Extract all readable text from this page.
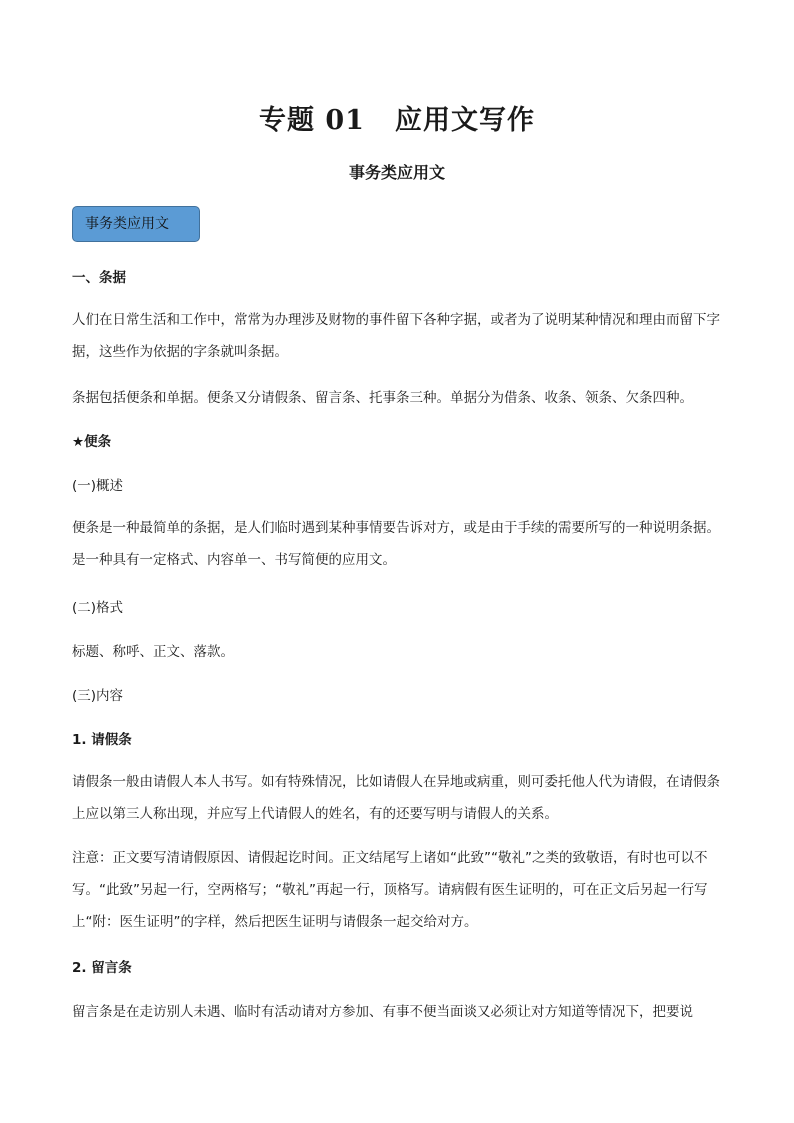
专题 01 应用文写作
事务类应用文
事务类应用文

一、条据

人们在日常生活和工作中，常常为办理涉及财物的事件留下各种字据，或者为了说明某种情况和理由而留下字据，这些作为依据的字条就叫条据。

条据包括便条和单据。便条又分请假条、留言条、托事条三种。单据分为借条、收条、领条、欠条四种。

★便条

(一)概述

便条是一种最简单的条据，是人们临时遇到某种事情要告诉对方，或是由于手续的需要所写的一种说明条据。是一种具有一定格式、内容单一、书写简便的应用文。

(二)格式

标题、称呼、正文、落款。

(三)内容

1. 请假条

请假条一般由请假人本人书写。如有特殊情况，比如请假人在异地或病重，则可委托他人代为请假，在请假条上应以第三人称出现，并应写上代请假人的姓名，有的还要写明与请假人的关系。

注意：正文要写清请假原因、请假起讫时间。正文结尾写上诸如“此致”“敬礼”之类的致敬语，有时也可以不写。“此致”另起一行，空两格写；“敬礼”再起一行，顶格写。请病假有医生证明的，可在正文后另起一行写上“附：医生证明”的字样，然后把医生证明与请假条一起交给对方。

2. 留言条

留言条是在走访别人未遇、临时有活动请对方参加、有事不便当面谈又必须让对方知道等情况下，把要说
